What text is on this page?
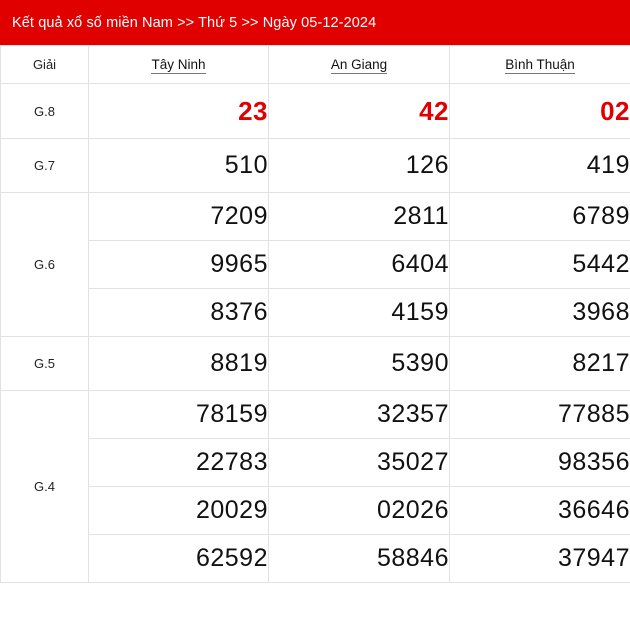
Kết quả xổ số miền Nam >> Thứ 5 >> Ngày 05-12-2024
Giải	Tây Ninh	An Giang	Bình Thuận
G.8	23	42	02
G.7	510	126	419
G.6	7209	2811	6789
	9965	6404	5442
	8376	4159	3968
G.5	8819	5390	8217
G.4	78159	32357	77885
	22783	35027	98356
	20029	02026	36646
	62592	58846	37947
